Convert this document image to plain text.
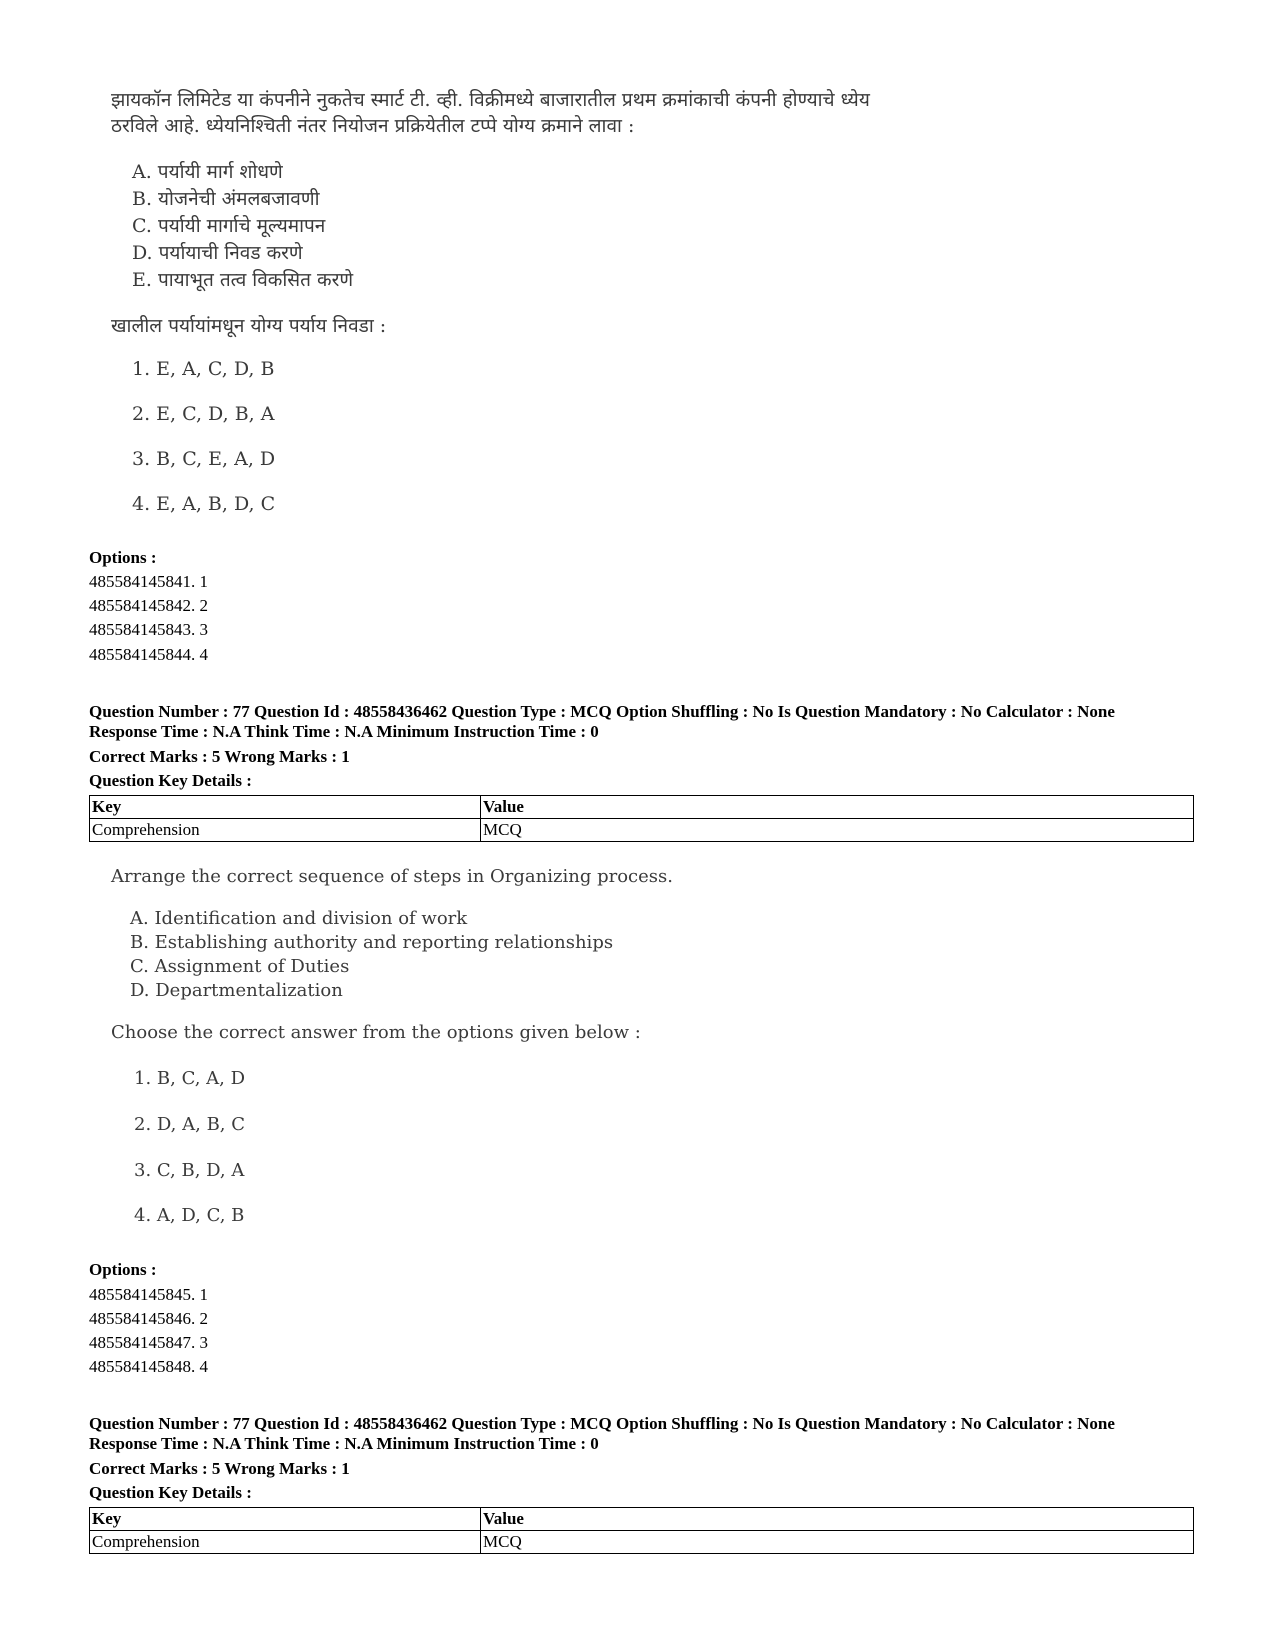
झायकॉन लिमिटेड या कंपनीने नुकतेच स्मार्ट टी. व्ही. विक्रीमध्ये बाजारातील प्रथम क्रमांकाची कंपनी होण्याचे ध्येय
ठरविले आहे. ध्येयनिश्चिती नंतर नियोजन प्रक्रियेतील टप्पे योग्य क्रमाने लावा :
A. पर्यायी मार्ग शोधणे
B. योजनेची अंमलबजावणी
C. पर्यायी मार्गाचे मूल्यमापन
D. पर्यायाची निवड करणे
E. पायाभूत तत्व विकसित करणे
खालील पर्यायांमधून योग्य पर्याय निवडा :
1. E, A, C, D, B
2. E, C, D, B, A
3. B, C, E, A, D
4. E, A, B, D, C
Options :
485584145841. 1
485584145842. 2
485584145843. 3
485584145844. 4
Question Number : 77 Question Id : 48558436462 Question Type : MCQ Option Shuffling : No Is Question Mandatory : No Calculator : None
Response Time : N.A Think Time : N.A Minimum Instruction Time : 0
Correct Marks : 5 Wrong Marks : 1
Question Key Details :
Key	Value
Comprehension	MCQ
Arrange the correct sequence of steps in Organizing process.
A. Identification and division of work
B. Establishing authority and reporting relationships
C. Assignment of Duties
D. Departmentalization
Choose the correct answer from the options given below :
1. B, C, A, D
2. D, A, B, C
3. C, B, D, A
4. A, D, C, B
Options :
485584145845. 1
485584145846. 2
485584145847. 3
485584145848. 4
Question Number : 77 Question Id : 48558436462 Question Type : MCQ Option Shuffling : No Is Question Mandatory : No Calculator : None
Response Time : N.A Think Time : N.A Minimum Instruction Time : 0
Correct Marks : 5 Wrong Marks : 1
Question Key Details :
Key	Value
Comprehension	MCQ
